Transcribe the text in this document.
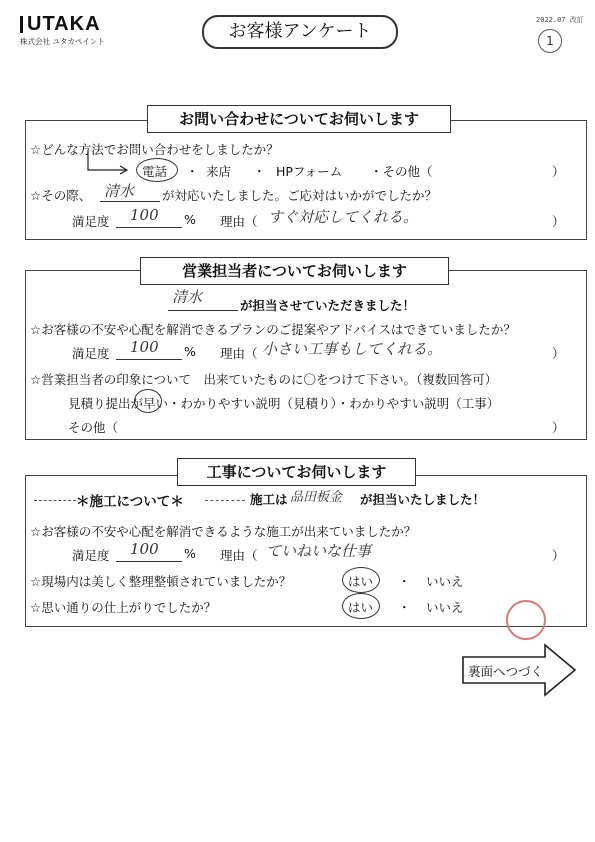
UTAKA
株式会社 ユタカペイント	お客様アンケート
2022.07 改訂
1
お問い合わせについてお伺いします
☆どんな方法でお問い合わせをしましたか？
電話 ・ 来店 ・ HPフォーム ・その他（	）
☆その際、 清水 が対応いたしました。ご応対はいかがでしたか？
満足度 100 % 理由（ すぐ対応してくれる。	）
営業担当者についてお伺いします
清水	が担当させていただきました！
☆お客様の不安や心配を解消できるプランのご提案やアドバイスはできていましたか？
満足度 100 % 理由（ 小さい工事もしてくれる。	）
☆営業担当者の印象について　出来ていたものに〇をつけて下さい。（複数回答可）
見積り提出が早い・わかりやすい説明（見積り）・わかりやすい説明（工事）
その他（	）
工事についてお伺いします
＊施工について＊	施工は 品田板金 が担当いたしました！
☆お客様の不安や心配を解消できるような施工が出来ていましたか？
満足度 100 % 理由（ ていねいな仕事	）
☆現場内は美しく整理整頓されていましたか？	はい ・ いいえ
☆思い通りの仕上がりでしたか？	はい ・ いいえ
裏面へつづく
